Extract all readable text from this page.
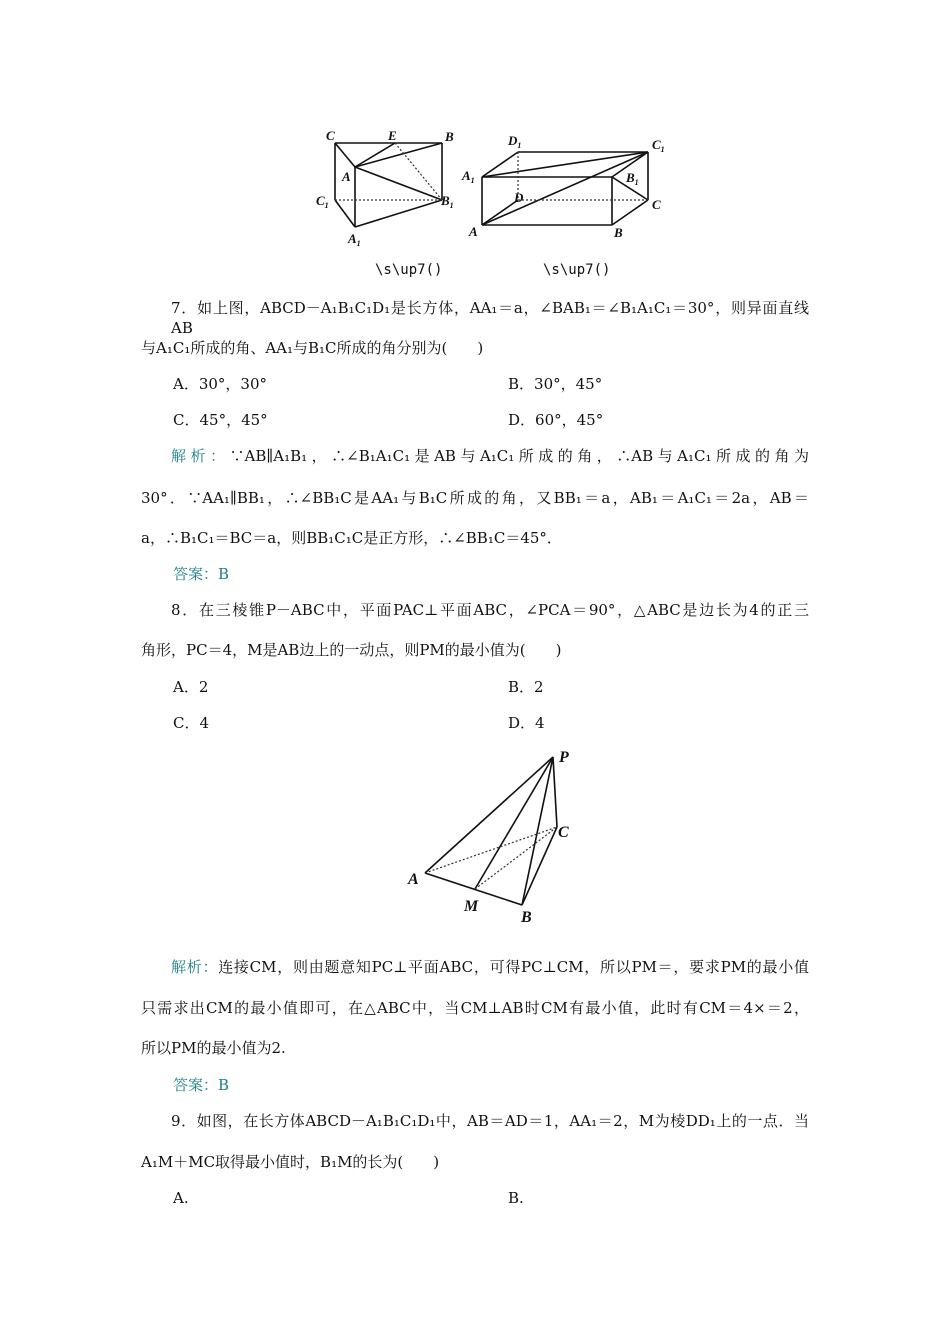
C	E	B
A
$C_1$	$B_1$
$A_1$
$D_1$	$C_1$
$A_1$	$B_1$
D	C
A	B
\s\up7()	\s\up7()
7．如上图，ABCD－A₁B₁C₁D₁是长方体，AA₁＝a，∠BAB₁＝∠B₁A₁C₁＝30°，则异面直线AB
与A₁C₁所成的角、AA₁与B₁C所成的角分别为(　　)
A．30°，30°	B．30°，45°
C．45°，45°	D．60°，45°
解析：∵AB∥A₁B₁，∴∠B₁A₁C₁是AB与A₁C₁所成的角，∴AB与A₁C₁所成的角为
30°．∵AA₁∥BB₁，∴∠BB₁C是AA₁与B₁C所成的角，又BB₁＝a，AB₁＝A₁C₁＝2a，AB＝
a，∴B₁C₁＝BC＝a，则BB₁C₁C是正方形，∴∠BB₁C＝45°．
答案：B
8．在三棱锥P－ABC中，平面PAC⊥平面ABC，∠PCA＝90°，△ABC是边长为4的正三
角形，PC＝4，M是AB边上的一动点，则PM的最小值为(　　)
A．2	B．2
C．4	D．4
P
C
A
M
B
解析：连接CM，则由题意知PC⊥平面ABC，可得PC⊥CM，所以PM＝，要求PM的最小值
只需求出CM的最小值即可，在△ABC中，当CM⊥AB时CM有最小值，此时有CM＝4×＝2，
所以PM的最小值为2.
答案：B
9．如图，在长方体ABCD－A₁B₁C₁D₁中，AB＝AD＝1，AA₁＝2，M为棱DD₁上的一点．当
A₁M＋MC取得最小值时，B₁M的长为(　　)
A.	B.
